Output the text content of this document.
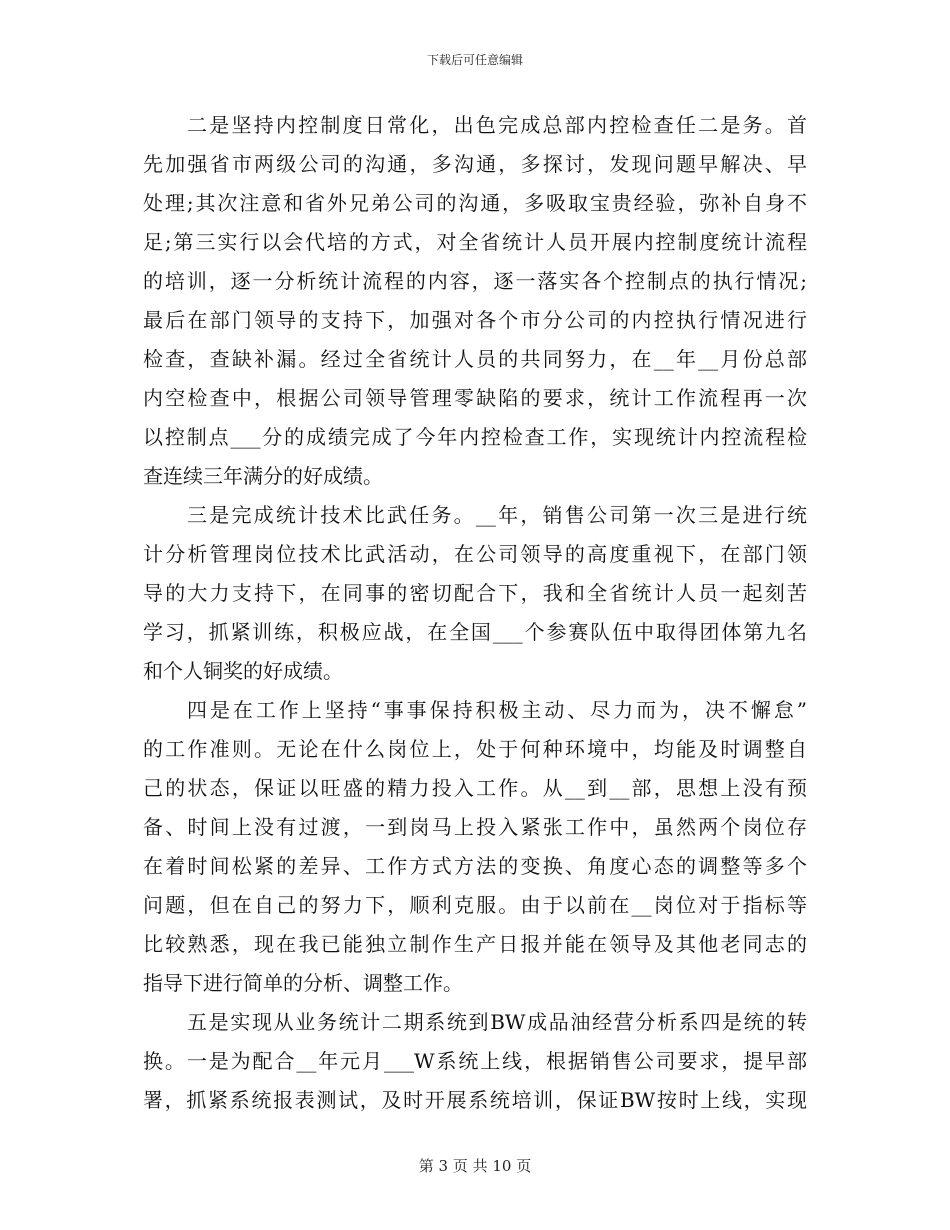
下载后可任意编辑
二是坚持内控制度日常化，出色完成总部内控检查任二是务。首
先加强省市两级公司的沟通，多沟通，多探讨，发现问题早解决、早
处理;其次注意和省外兄弟公司的沟通，多吸取宝贵经验，弥补自身不
足;第三实行以会代培的方式，对全省统计人员开展内控制度统计流程
的培训，逐一分析统计流程的内容，逐一落实各个控制点的执行情况;
最后在部门领导的支持下，加强对各个市分公司的内控执行情况进行
检查，查缺补漏。经过全省统计人员的共同努力，在__年__月份总部
内空检查中，根据公司领导管理零缺陷的要求，统计工作流程再一次
以控制点___分的成绩完成了今年内控检查工作，实现统计内控流程检
查连续三年满分的好成绩。
三是完成统计技术比武任务。__年，销售公司第一次三是进行统
计分析管理岗位技术比武活动，在公司领导的高度重视下，在部门领
导的大力支持下，在同事的密切配合下，我和全省统计人员一起刻苦
学习，抓紧训练，积极应战，在全国___个参赛队伍中取得团体第九名
和个人铜奖的好成绩。
四是在工作上坚持“事事保持积极主动、尽力而为，决不懈怠”
的工作准则。无论在什么岗位上，处于何种环境中，均能及时调整自
己的状态，保证以旺盛的精力投入工作。从__到__部，思想上没有预
备、时间上没有过渡，一到岗马上投入紧张工作中，虽然两个岗位存
在着时间松紧的差异、工作方式方法的变换、角度心态的调整等多个
问题，但在自己的努力下，顺利克服。由于以前在__岗位对于指标等
比较熟悉，现在我已能独立制作生产日报并能在领导及其他老同志的
指导下进行简单的分析、调整工作。
五是实现从业务统计二期系统到BW成品油经营分析系四是统的转
换。一是为配合__年元月___W系统上线，根据销售公司要求，提早部
署，抓紧系统报表测试，及时开展系统培训，保证BW按时上线，实现
第 3 页 共 10 页
